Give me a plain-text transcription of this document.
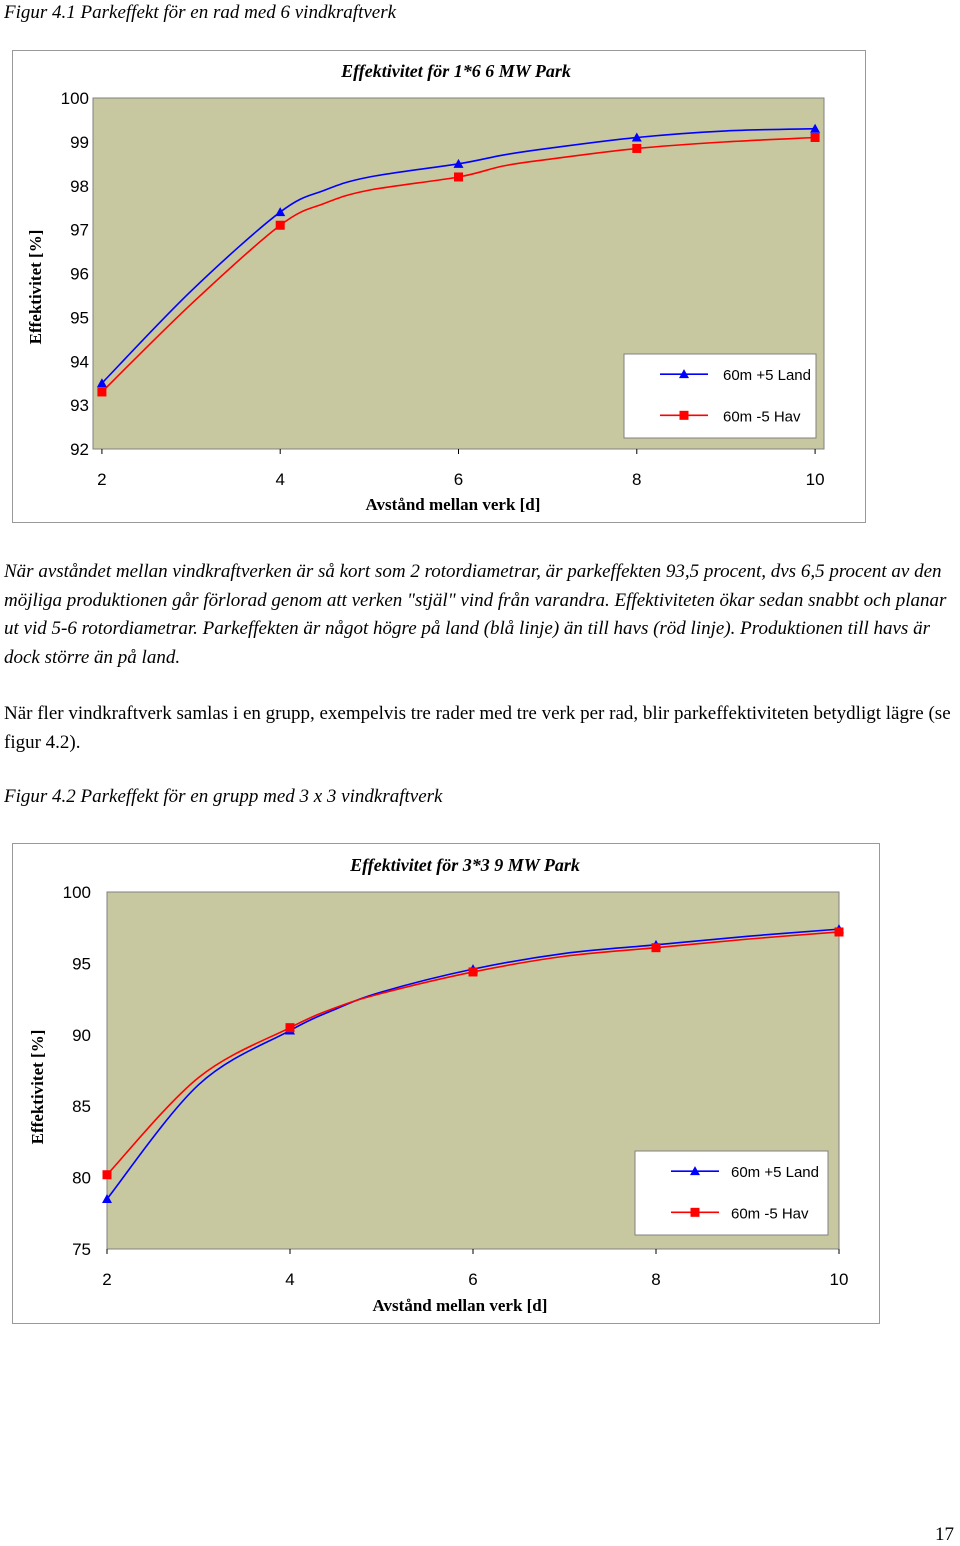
Figur 4.1 Parkeffekt för en rad med 6 vindkraftverk
Effektivitet för 1*6 6 MW Park
100
99
98
97
96
95
94
93
92
2	4	6	8	10
Avstånd mellan verk [d]
Effektivitet [%]
60m +5 Land
60m -5 Hav
När avståndet mellan vindkraftverken är så kort som 2 rotordiametrar, är parkeffekten 93,5 procent, dvs 6,5 procent av den möjliga produktionen går förlorad genom att verken "stjäl" vind från varandra. Effektiviteten ökar sedan snabbt och planar ut vid 5-6 rotordiametrar. Parkeffekten är något högre på land (blå linje) än till havs (röd linje). Produktionen till havs är dock större än på land.
När fler vindkraftverk samlas i en grupp, exempelvis tre rader med tre verk per rad, blir parkeffektiviteten betydligt lägre (se figur 4.2).
Figur 4.2 Parkeffekt för en grupp med 3 x 3 vindkraftverk
Effektivitet för 3*3 9 MW Park
100
95
90
85
80
75
2	4	6	8	10
Avstånd mellan verk [d]
Effektivitet [%]
60m +5 Land
60m -5 Hav
17
